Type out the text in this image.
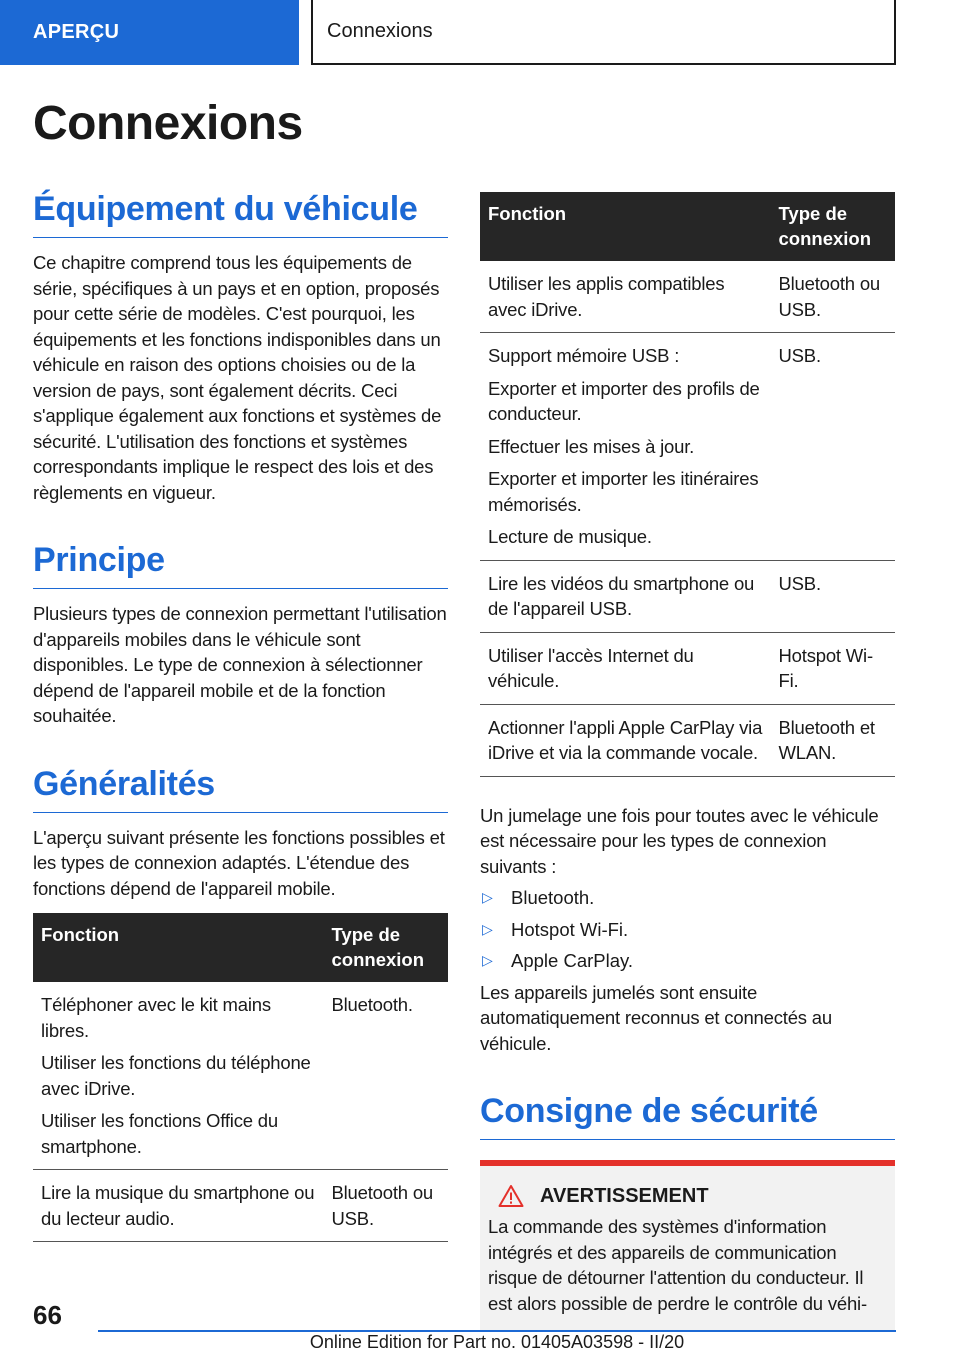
APERÇU	Connexions
Connexions
Équipement du véhicule

Ce chapitre comprend tous les équipements de série, spécifiques à un pays et en option, proposés pour cette série de modèles. C'est pourquoi, les équipements et les fonctions indisponibles dans un véhicule en raison des options choisies ou de la version de pays, sont également décrits. Ceci s'applique également aux fonctions et systèmes de sécurité. L'utilisation des fonctions et systèmes correspondants implique le respect des lois et des règlements en vigueur.

Principe

Plusieurs types de connexion permettant l'utilisation d'appareils mobiles dans le véhicule sont disponibles. Le type de connexion à sélectionner dépend de l'appareil mobile et de la fonction souhaitée.

Généralités

L'aperçu suivant présente les fonctions possibles et les types de connexion adaptés. L'étendue des fonctions dépend de l'appareil mobile.

Fonction	Type de connexion

Téléphoner avec le kit mains libres.

Utiliser les fonctions du téléphone avec iDrive.

Utiliser les fonctions Office du smartphone.	Bluetooth.

Lire la musique du smartphone ou du lecteur audio.	Bluetooth ou USB.
Fonction	Type de connexion

Utiliser les applis compatibles avec iDrive.	Bluetooth ou USB.

Support mémoire USB :

Exporter et importer des profils de conducteur.

Effectuer les mises à jour.

Exporter et importer les itinéraires mémorisés.

Lecture de musique.	USB.

Lire les vidéos du smartphone ou de l'appareil USB.	USB.

Utiliser l'accès Internet du véhicule.	Hotspot Wi-Fi.

Actionner l'appli Apple CarPlay via iDrive et via la commande vocale.	Bluetooth et WLAN.

Un jumelage une fois pour toutes avec le véhicule est nécessaire pour les types de connexion suivants :

▷ Bluetooth.
▷ Hotspot Wi-Fi.
▷ Apple CarPlay.

Les appareils jumelés sont ensuite automatiquement reconnus et connectés au véhicule.

Consigne de sécurité
AVERTISSEMENT
La commande des systèmes d'information intégrés et des appareils de communication risque de détourner l'attention du conducteur. Il est alors possible de perdre le contrôle du véhi-
66
Online Edition for Part no. 01405A03598 - II/20
